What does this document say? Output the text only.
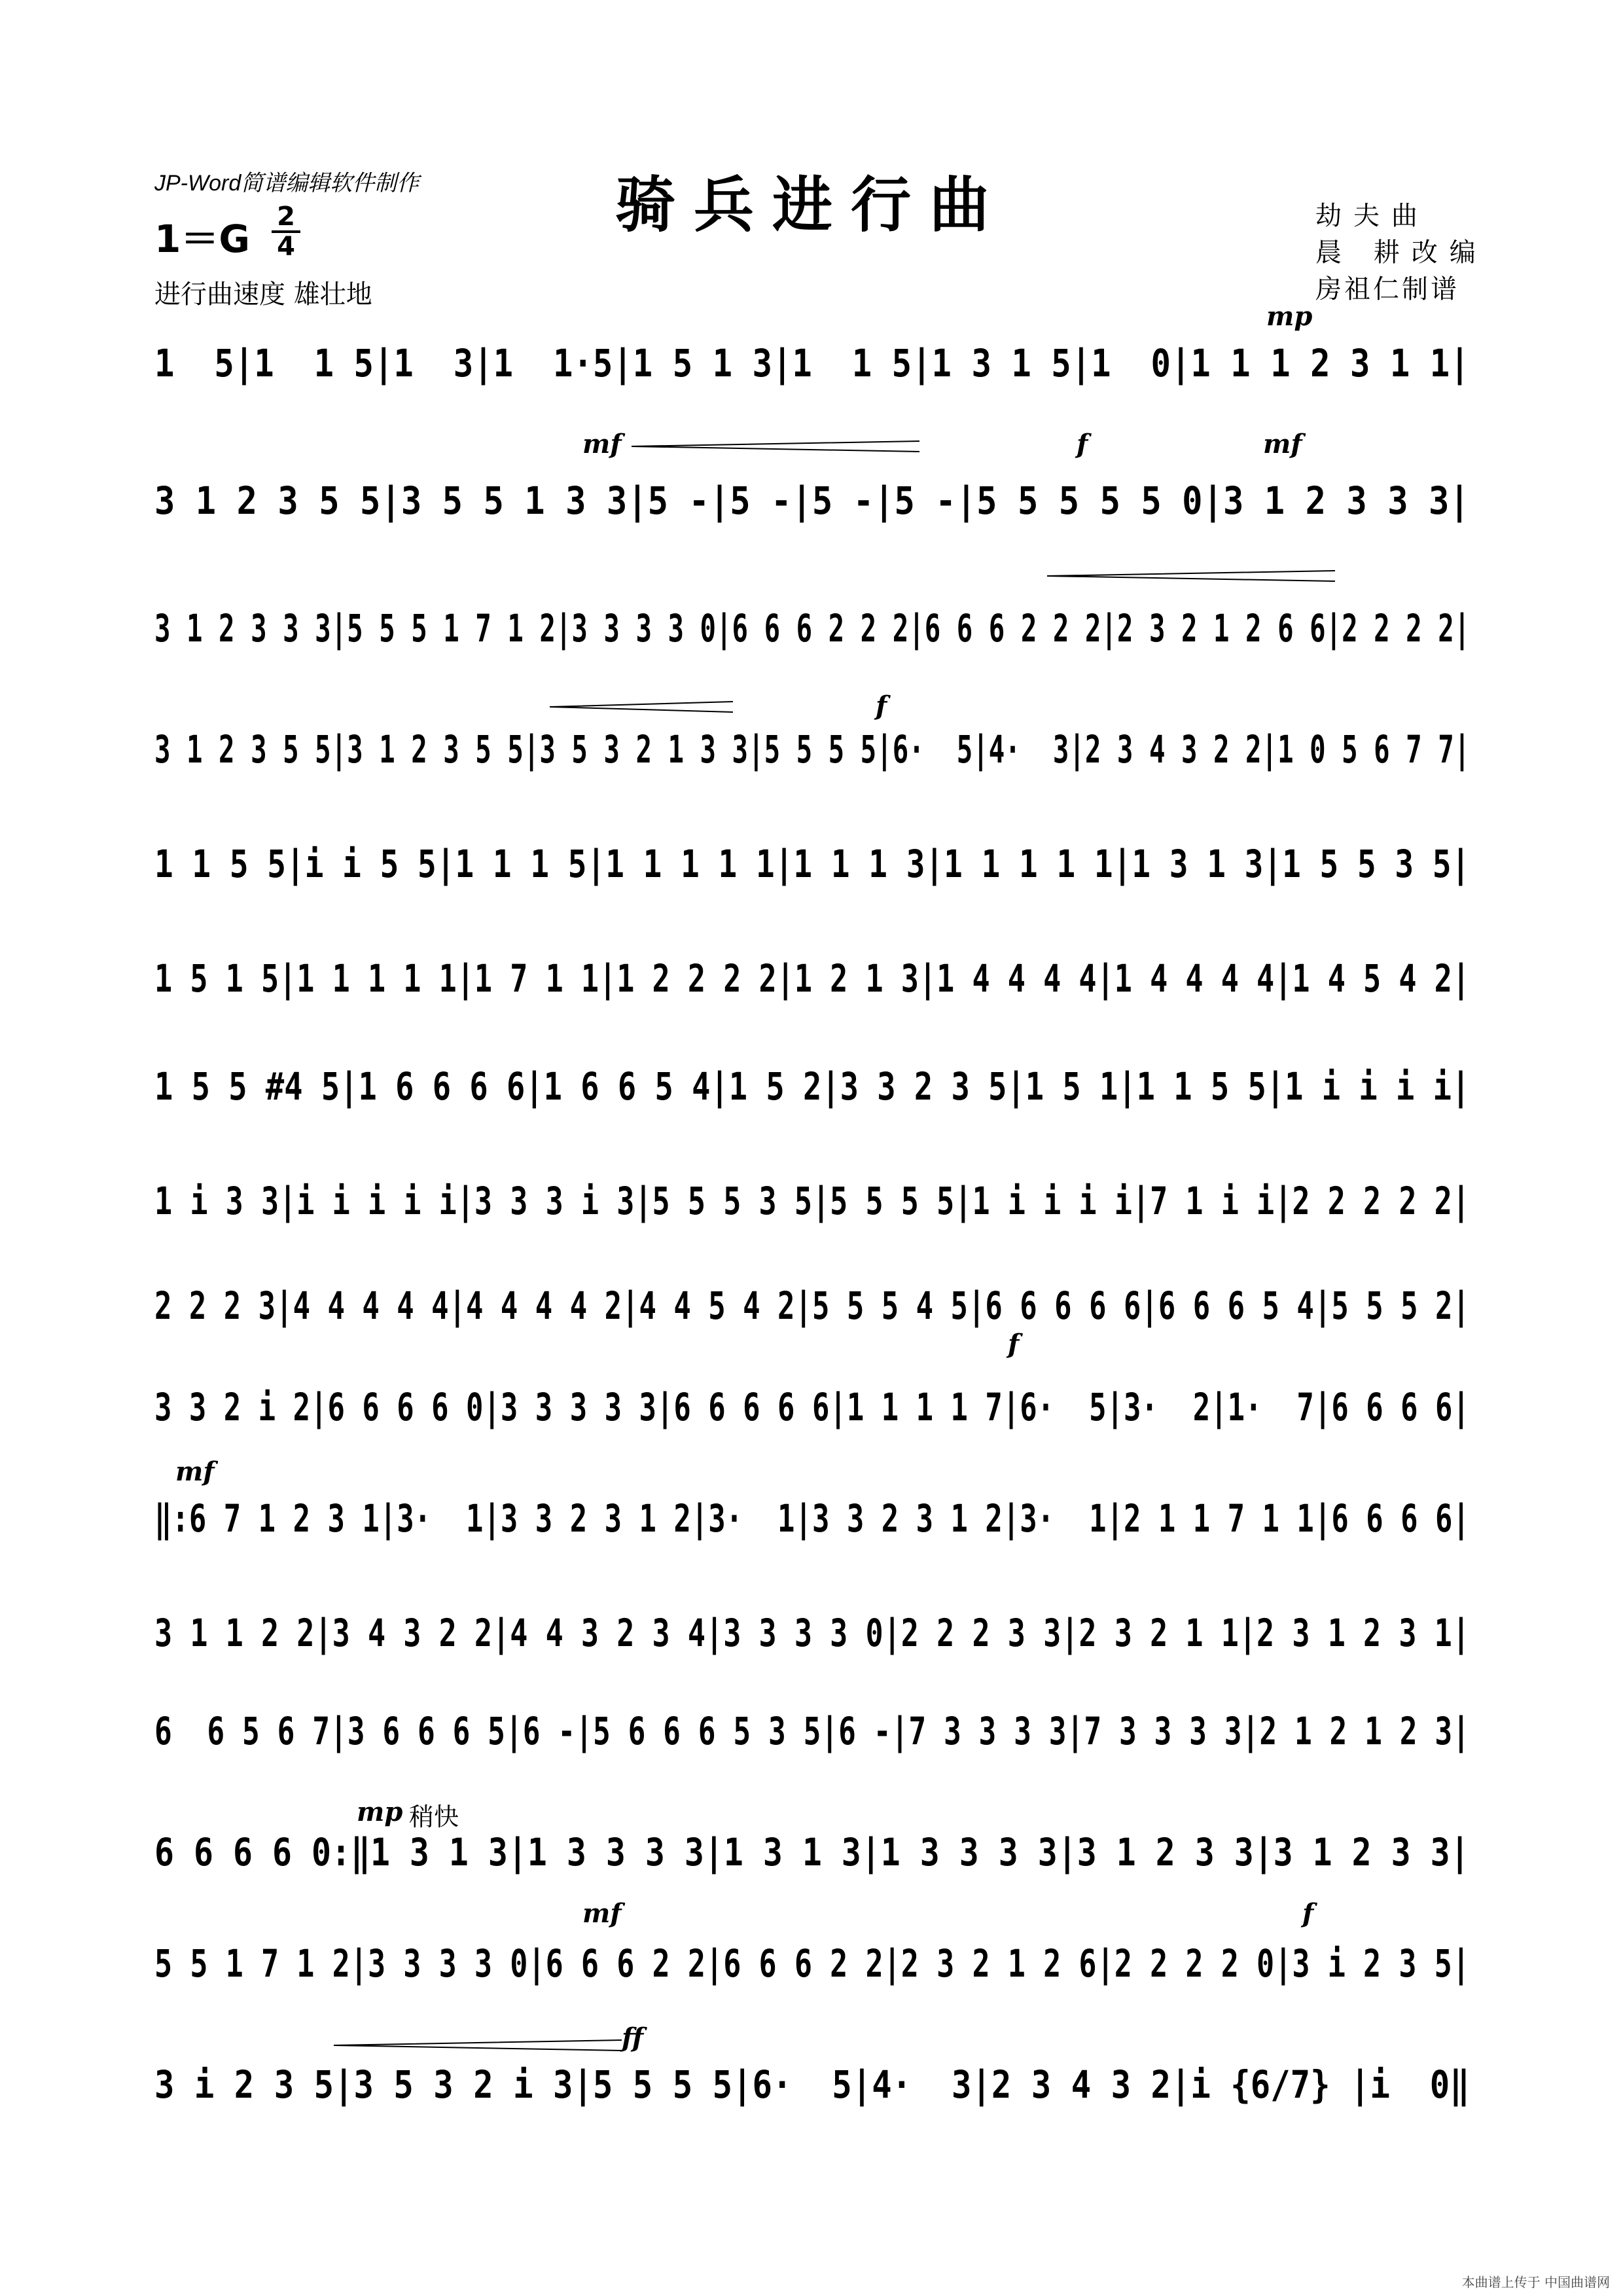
JP-Word简谱编辑软件制作	骑兵进行曲
1＝G 2
4
进行曲速度 雄壮地
劫夫曲
晨 耕改编
房祖仁制谱
mp
mf	f	mf
f
f
mf
mp 稍快
mf	f
ff
1  5|1  1 5|1  3|1  1·5|1 5 1 3|1  1 5|1 3 1 5|1  0|1 1 1 2 3 1 1|
3 1 2 3 5 5|3 5 5 1 3 3|5 -|5 -|5 -|5 -|5 5 5 5 5 0|3 1 2 3 3 3|
3 1 2 3 3 3|5 5 5 1 7 1 2|3 3 3 3 0|6 6 6 2 2 2|6 6 6 2 2 2|2 3 2 1 2 6 6|2 2 2 2|
3 1 2 3 5 5|3 1 2 3 5 5|3 5 3 2 1 3 3|5 5 5 5|6·  5|4·  3|2 3 4 3 2 2|1 0 5 6 7 7|
1 1 5 5|i i 5 5|1 1 1 5|1 1 1 1 1|1 1 1 3|1 1 1 1 1|1 3 1 3|1 5 5 3 5|
1 5 1 5|1 1 1 1 1|1 7 1 1|1 2 2 2 2|1 2 1 3|1 4 4 4 4|1 4 4 4 4|1 4 5 4 2|
1 5 5 #4 5|1 6 6 6 6|1 6 6 5 4|1 5 2|3 3 2 3 5|1 5 1|1 1 5 5|1 i i i i|
1 i 3 3|i i i i i|3 3 3 i 3|5 5 5 3 5|5 5 5 5|1 i i i i|7 1 i i|2 2 2 2 2|
2 2 2 3|4 4 4 4 4|4 4 4 4 2|4 4 5 4 2|5 5 5 4 5|6 6 6 6 6|6 6 6 5 4|5 5 5 2|
3 3 2 i 2|6 6 6 6 0|3 3 3 3 3|6 6 6 6 6|1 1 1 1 7|6·  5|3·  2|1·  7|6 6 6 6|
‖:6 7 1 2 3 1|3·  1|3 3 2 3 1 2|3·  1|3 3 2 3 1 2|3·  1|2 1 1 7 1 1|6 6 6 6|
3 1 1 2 2|3 4 3 2 2|4 4 3 2 3 4|3 3 3 3 0|2 2 2 3 3|2 3 2 1 1|2 3 1 2 3 1|
6  6 5 6 7|3 6 6 6 5|6 -|5 6 6 6 5 3 5|6 -|7 3 3 3 3|7 3 3 3 3|2 1 2 1 2 3|
6 6 6 6 0:‖1 3 1 3|1 3 3 3 3|1 3 1 3|1 3 3 3 3|3 1 2 3 3|3 1 2 3 3|
5 5 1 7 1 2|3 3 3 3 0|6 6 6 2 2|6 6 6 2 2|2 3 2 1 2 6|2 2 2 2 0|3 i 2 3 5|
3 i 2 3 5|3 5 3 2 i 3|5 5 5 5|6·  5|4·  3|2 3 4 3 2|i {6/7} |i  0‖
本曲谱上传于 中国曲谱网
